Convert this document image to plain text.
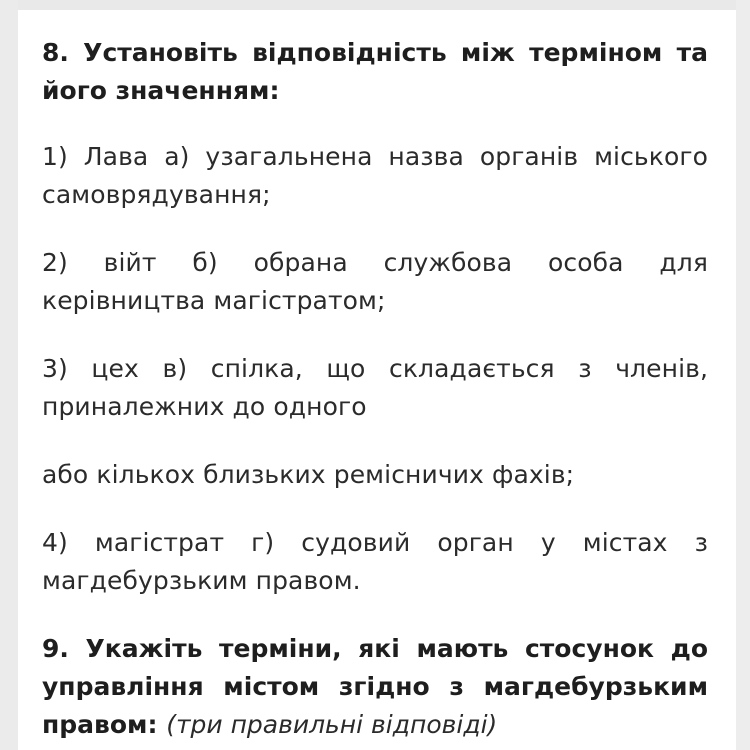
8. Установіть відповідність між терміном та його значенням:

1) Лава а) узагальнена назва органів міського самоврядування;

2) війт б) обрана службова особа для керівництва магістратом;

3) цех в) спілка, що складається з членів, приналежних до одного

або кількох близьких ремісничих фахів;

4) магістрат г) судовий орган у містах з магдебурзьким правом.

9. Укажіть терміни, які мають стосунок до управління містом згідно з магдебурзьким правом: (три правильні відповіді)
